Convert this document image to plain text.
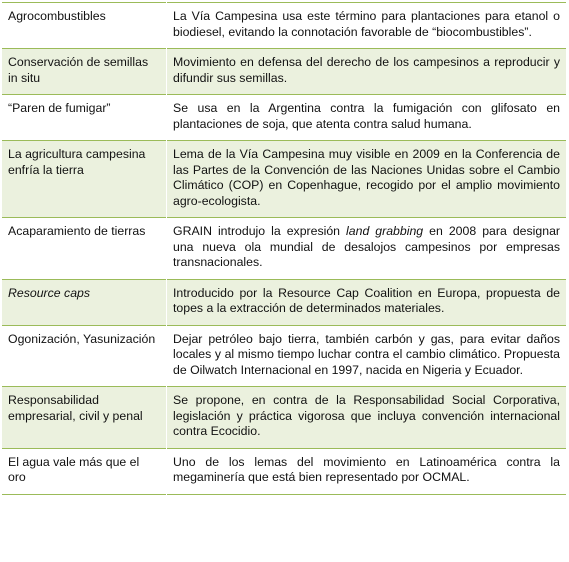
Agrocombustibles	La Vía Campesina usa este término para plantaciones para etanol o biodiesel, evitando la connotación favorable de “biocombustibles”.
Conservación de semillas in situ	Movimiento en defensa del derecho de los campesinos a reproducir y difundir sus semillas.
“Paren de fumigar”	Se usa en la Argentina contra la fumigación con glifosato en plantaciones de soja, que atenta contra salud humana.
La agricultura campesina enfría la tierra	Lema de la Vía Campesina muy visible en 2009 en la Conferencia de las Partes de la Convención de las Naciones Unidas sobre el Cambio Climático (COP) en Copenhague, recogido por el amplio movimiento agro-ecologista.
Acaparamiento de tierras	GRAIN introdujo la expresión land grabbing en 2008 para designar una nueva ola mundial de desalojos campesinos por empresas transnacionales.
Resource caps	Introducido por la Resource Cap Coalition en Europa, propuesta de topes a la extracción de determinados materiales.
Ogonización, Yasunización	Dejar petróleo bajo tierra, también carbón y gas, para evitar daños locales y al mismo tiempo luchar contra el cambio climático. Propuesta de Oilwatch Internacional en 1997, nacida en Nigeria y Ecuador.
Responsabilidad empresarial, civil y penal	Se propone, en contra de la Responsabilidad Social Corporativa, legislación y práctica vigorosa que incluya convención internacional contra Ecocidio.
El agua vale más que el oro	Uno de los lemas del movimiento en Latinoamérica contra la megaminería que está bien representado por OCMAL.
